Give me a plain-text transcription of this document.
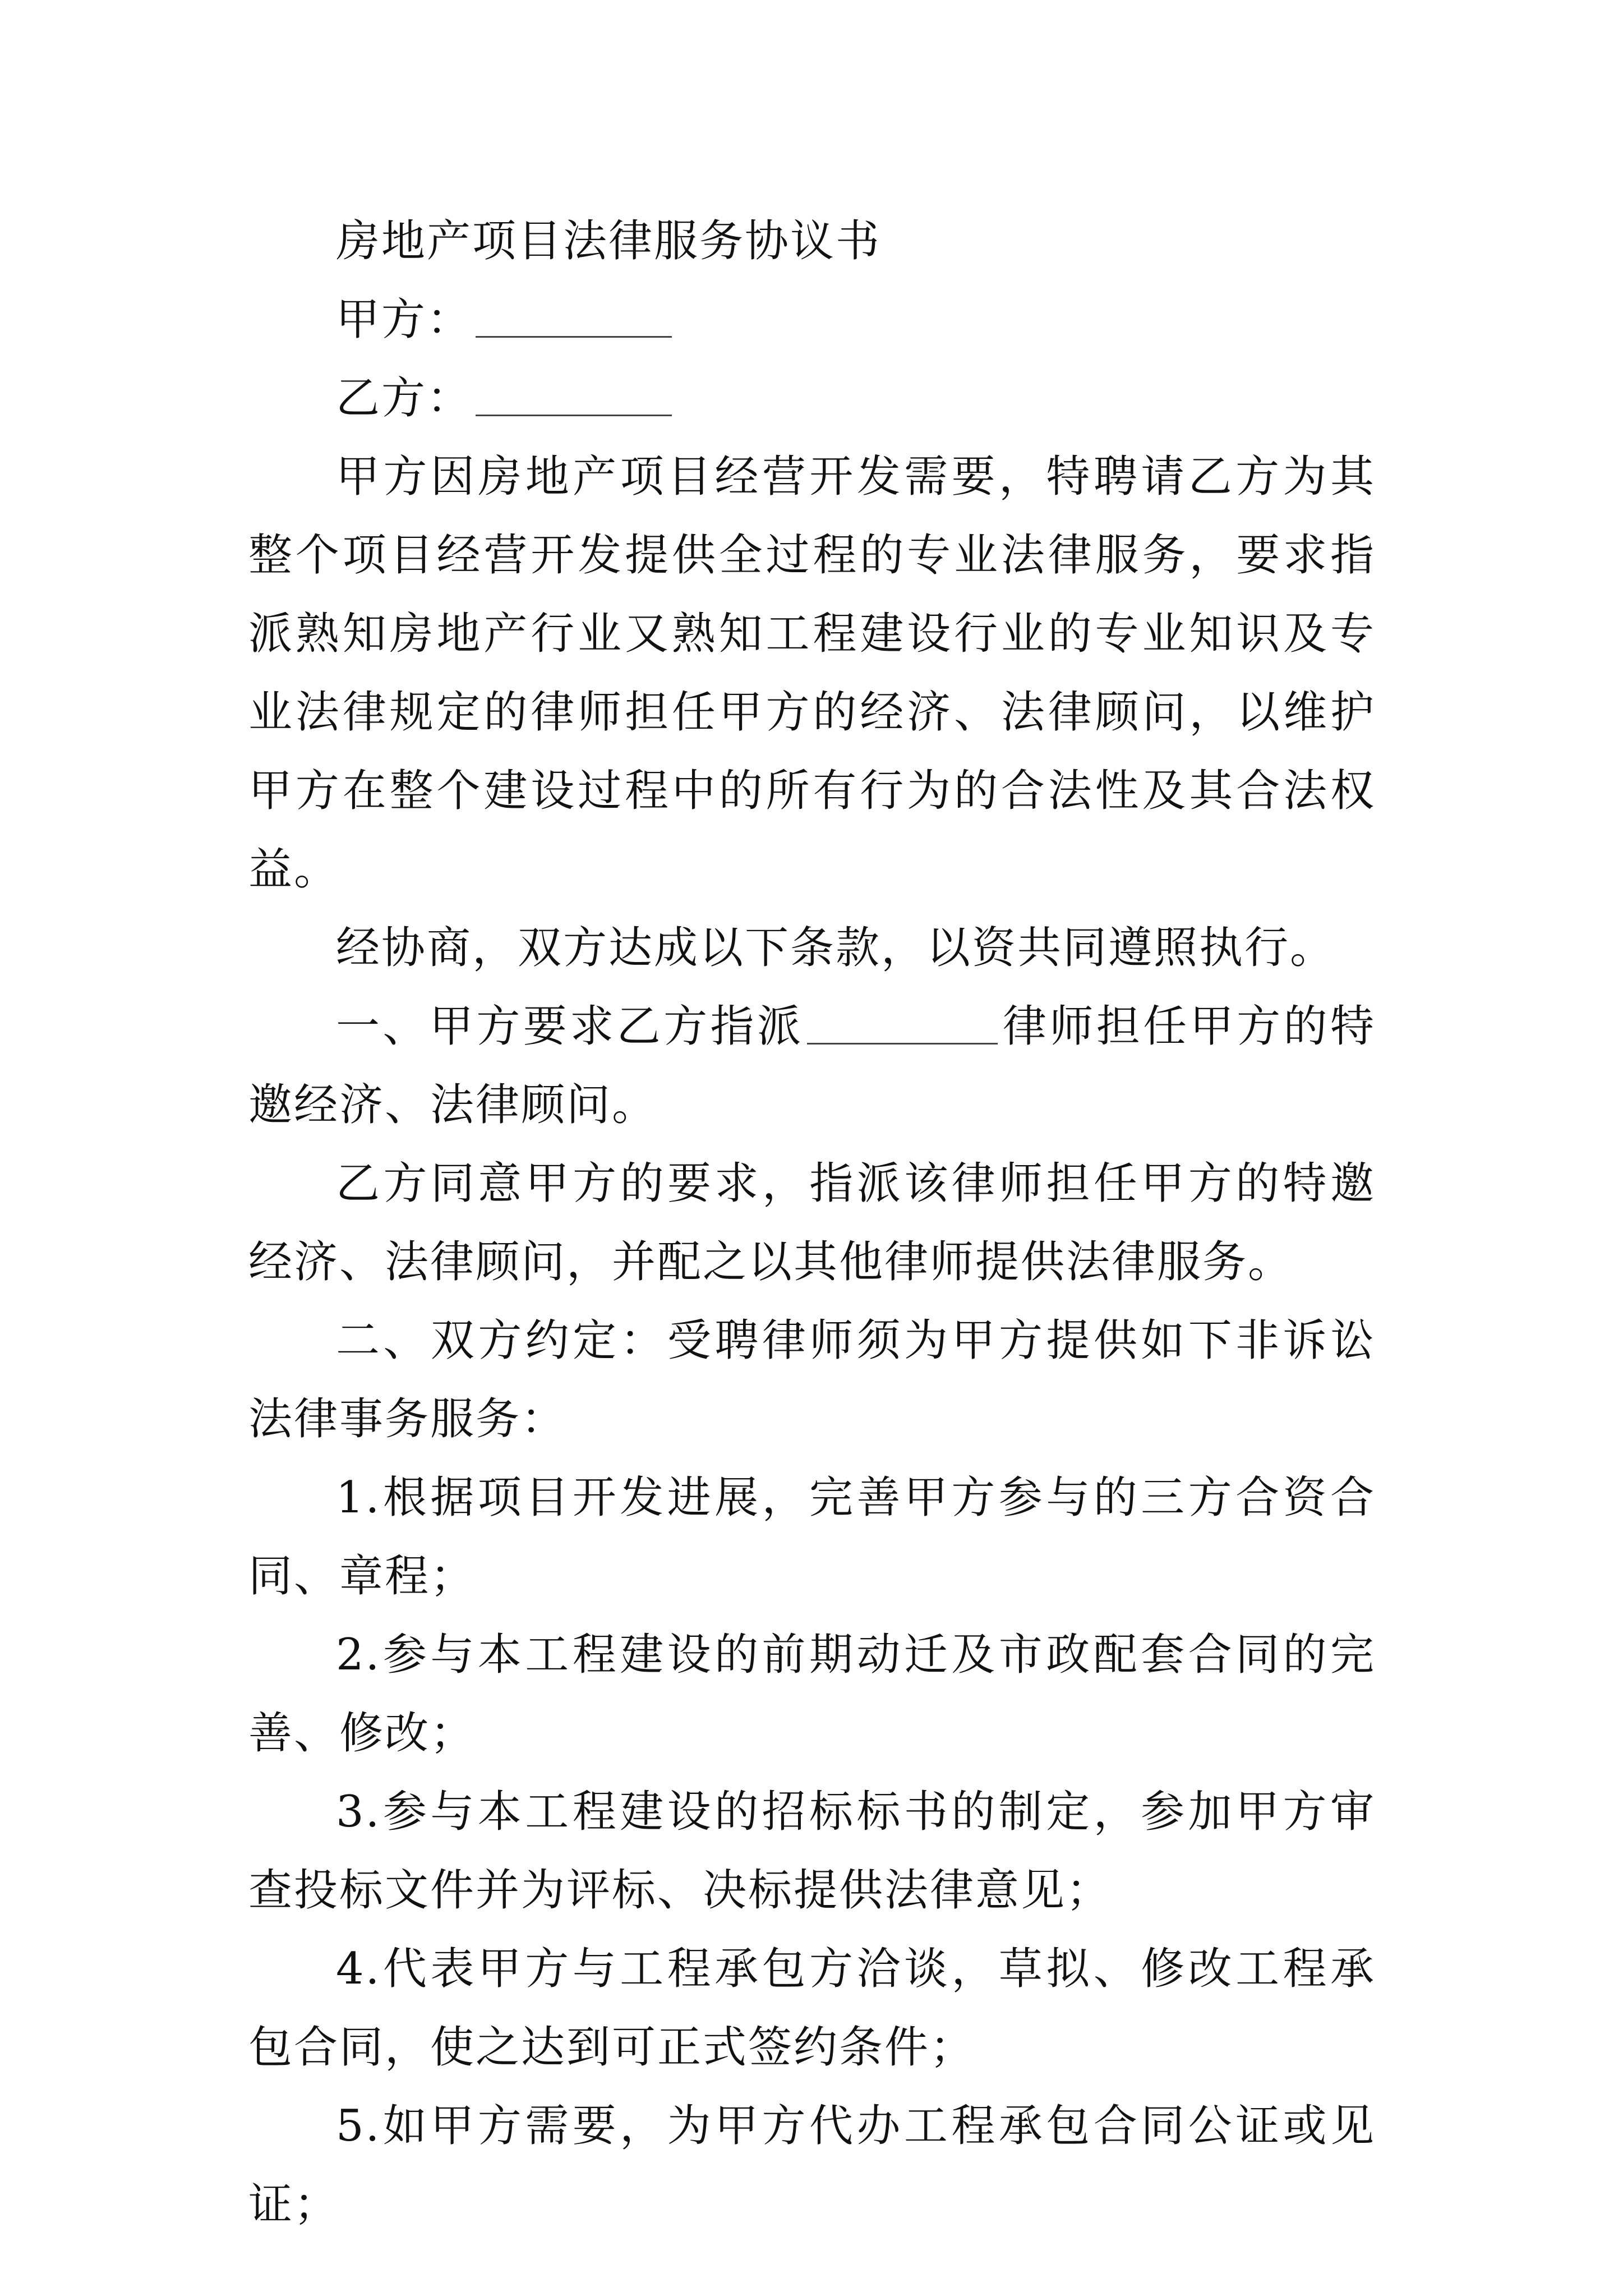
房地产项目法律服务协议书

甲方：

乙方：

甲方因房地产项目经营开发需要，特聘请乙方为其整个项目经营开发提供全过程的专业法律服务，要求指派熟知房地产行业又熟知工程建设行业的专业知识及专业法律规定的律师担任甲方的经济、法律顾问，以维护甲方在整个建设过程中的所有行为的合法性及其合法权益。

经协商，双方达成以下条款，以资共同遵照执行。

一、甲方要求乙方指派	律师担任甲方的特邀经济、法律顾问。

乙方同意甲方的要求，指派该律师担任甲方的特邀经济、法律顾问，并配之以其他律师提供法律服务。

二、双方约定：受聘律师须为甲方提供如下非诉讼法律事务服务：

1.根据项目开发进展，完善甲方参与的三方合资合同、章程；

2.参与本工程建设的前期动迁及市政配套合同的完善、修改；

3.参与本工程建设的招标标书的制定，参加甲方审查投标文件并为评标、决标提供法律意见；

4.代表甲方与工程承包方洽谈，草拟、修改工程承包合同，使之达到可正式签约条件；

5.如甲方需要，为甲方代办工程承包合同公证或见证；
